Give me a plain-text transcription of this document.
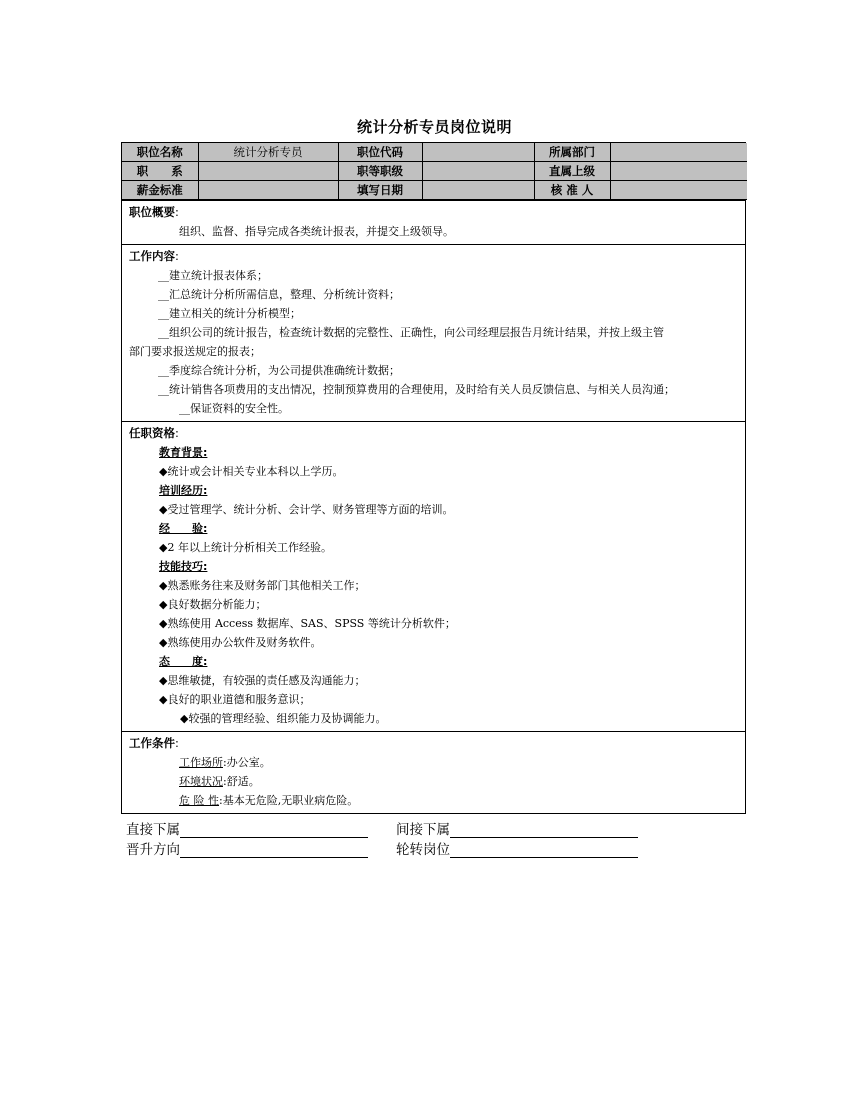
统计分析专员岗位说明
职位名称	统计分析专员	职位代码		所属部门	
职　　系		职等职级		直属上级	
薪金标准		填写日期		核 准 人	
职位概要:
组织、监督、指导完成各类统计报表，并提交上级领导。
工作内容:
__建立统计报表体系；
__汇总统计分析所需信息，整理、分析统计资料；
__建立相关的统计分析模型；
__组织公司的统计报告，检查统计数据的完整性、正确性，向公司经理层报告月统计结果，并按上级主管
部门要求报送规定的报表；
__季度综合统计分析，为公司提供准确统计数据；
__统计销售各项费用的支出情况，控制预算费用的合理使用，及时给有关人员反馈信息、与相关人员沟通；
__保证资料的安全性。
任职资格:
教育背景:
◆统计或会计相关专业本科以上学历。
培训经历:
◆受过管理学、统计分析、会计学、财务管理等方面的培训。
经　　验:
◆2 年以上统计分析相关工作经验。
技能技巧:
◆熟悉账务往来及财务部门其他相关工作；
◆良好数据分析能力；
◆熟练使用 Access 数据库、SAS、SPSS 等统计分析软件；
◆熟练使用办公软件及财务软件。
态　　度:
◆思维敏捷，有较强的责任感及沟通能力；
◆良好的职业道德和服务意识；
◆较强的管理经验、组织能力及协调能力。
工作条件:
工作场所:办公室。
环境状况:舒适。
危 险 性:基本无危险,无职业病危险。
直接下属	间接下属
晋升方向	轮转岗位
